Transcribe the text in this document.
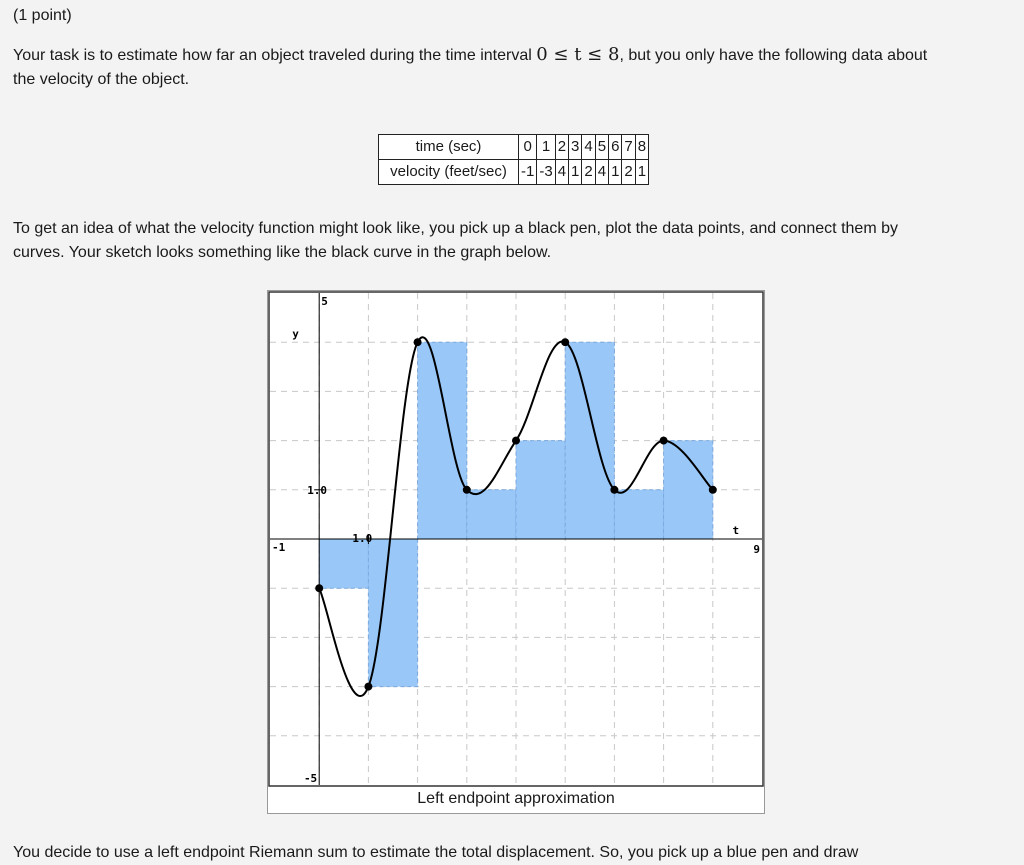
(1 point)
Your task is to estimate how far an object traveled during the time interval 0 ≤ t ≤ 8, but you only have the following data about
the velocity of the object.
time (sec)	0	1	2	3	4	5	6	7	8
velocity (feet/sec)	-1	-3	4	1	2	4	1	2	1
To get an idea of what the velocity function might look like, you pick up a black pen, plot the data points, and connect them by
curves. Your sketch looks something like the black curve in the graph below.
5
-5
y
t
-1	9
1.0
1.0
Left endpoint approximation
You decide to use a left endpoint Riemann sum to estimate the total displacement. So, you pick up a blue pen and draw
